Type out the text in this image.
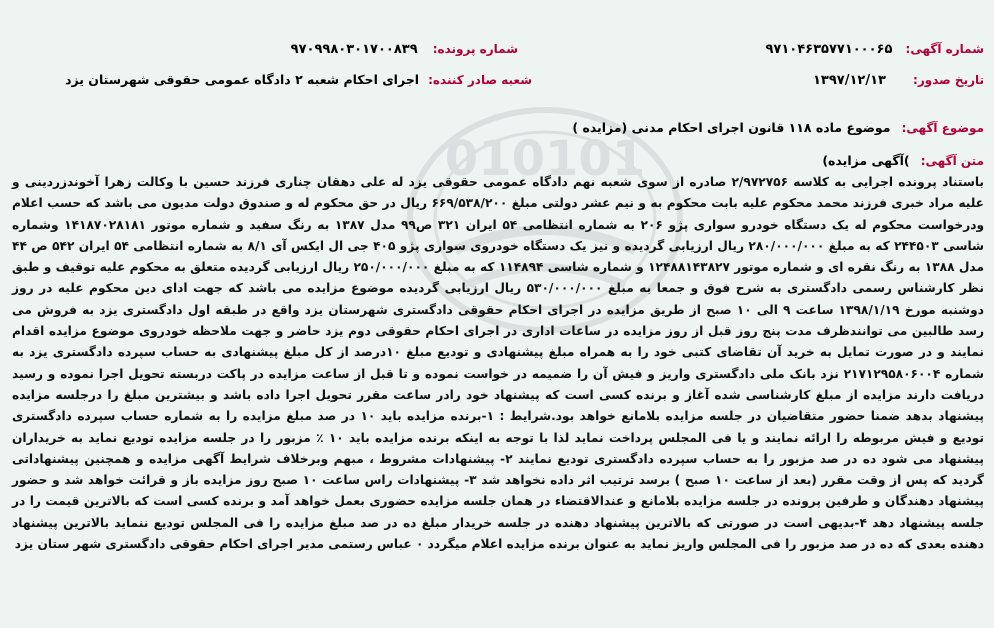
شماره آگهی: ۹۷۱۰۴۶۳۵۷۷۱۰۰۰۶۵
شماره پرونده: ۹۷۰۹۹۸۰۳۰۱۷۰۰۸۳۹
تاریخ صدور: ۱۳۹۷/۱۲/۱۳
شعبه صادر کننده: اجرای احکام شعبه ۲ دادگاه عمومی حقوقی شهرستان یزد
010101
موضوع آگهی: موضوع ماده ۱۱۸ قانون اجرای احکام مدنی (مزایده )
متن آگهی: )آگهی مزایده)
باستناد پرونده اجرایی به کلاسه ۲/۹۷۲۷۵۶ صادره از سوی شعبه نهم دادگاه عمومی حقوقی یزد له علی دهقان چناری فرزند حسین با وکالت زهرا آخوندزردینی و علیه مراد خبری فرزند محمد محکوم علیه بابت محکوم به و نیم عشر دولتی مبلغ ۶۶۹/۵۳۸/۲۰۰ ریال در حق محکوم له و صندوق دولت مدیون می باشد که حسب اعلام ودرخواست محکوم له یک دستگاه خودرو سواری پژو ۲۰۶ به شماره انتظامی ۵۴ ایران ۳۲۱ ص۹۹ مدل ۱۳۸۷ به رنگ سفید و شماره موتور ۱۴۱۸۷۰۲۸۱۸۱ وشماره شاسی ۲۴۴۵۰۳ که به مبلغ ۲۸۰/۰۰۰/۰۰۰ ریال ارزیابی گردیده و نیز یک دستگاه خودروی سواری پژو ۴۰۵ جی ال ایکس آی ۸/۱ به شماره انتظامی ۵۴ ایران ۵۴۲ ص ۴۴ مدل ۱۳۸۸ به رنگ نقره ای و شماره موتور ۱۲۴۸۸۱۴۳۸۲۷ و شماره شاسی ۱۱۴۸۹۴ که به مبلغ ۲۵۰/۰۰۰/۰۰۰ ریال ارزیابی گردیده متعلق به محکوم علیه توقیف و طبق نظر کارشناس رسمی دادگستری به شرح فوق و جمعا به مبلغ ۵۳۰/۰۰۰/۰۰۰ ریال ارزیابی گردیده موضوع مزایده می باشد که جهت ادای دین محکوم علیه در روز دوشنبه مورخ ۱۳۹۸/۱/۱۹ ساعت ۹ الی ۱۰ صبح از طریق مزایده در اجرای احکام حقوقی دادگستری شهرستان یزد واقع در طبقه اول دادگستری یزد به فروش می رسد طالبین می توانندظرف مدت پنج روز قبل از روز مزایده در ساعات اداری در اجرای احکام حقوقی دوم یزد حاضر و جهت ملاحظه خودروی موضوع مزایده اقدام نمایند و در صورت تمایل به خرید آن تقاضای کتبی خود را به همراه مبلغ پیشنهادی و تودیع مبلغ ۱۰درصد از کل مبلغ پیشنهادی به حساب سپرده دادگستری یزد به شماره ۲۱۷۱۲۹۵۸۰۶۰۰۴ نزد بانک ملی دادگستری واریز و فیش آن را ضمیمه در خواست نموده و تا قبل از ساعت مزایده در پاکت دربسته تحویل اجرا نموده و رسید دریافت دارند مزایده از مبلغ کارشناسی شده آغاز و برنده کسی است که پیشنهاد خود رادر ساعت مقرر تحویل اجرا داده باشد و بیشترین مبلغ را درجلسه مزایده پیشنهاد بدهد ضمنا حضور متقاضیان در جلسه مزایده بلامانع خواهد بود.شرایط : ۱-برنده مزایده باید ۱۰ در صد مبلغ مزایده را به شماره حساب سپرده دادگستری تودیع و فیش مربوطه را ارائه نمایند و یا فی المجلس پرداخت نماید لذا با توجه به اینکه برنده مزایده باید ۱۰ ٪ مزبور را در جلسه مزایده تودیع نماید به خریداران پیشنهاد می شود ده در صد مزبور را به حساب سپرده دادگستری تودیع نمایند ۲- پیشنهادات مشروط ، مبهم وبرخلاف شرایط آگهی مزایده و همچنین پیشنهاداتی گردید که پس از وقت مقرر (بعد از ساعت ۱۰ صبح ) برسد ترتیب اثر داده نخواهد شد ۳- پیشنهادات راس ساعت ۱۰ صبح روز مزایده باز و قرائت خواهد شد و حضور پیشنهاد دهندگان و طرفین پرونده در جلسه مزایده بلامانع و عندالاقتضاء در همان جلسه مزایده حضوری بعمل خواهد آمد و برنده کسی است که بالاترین قیمت را در جلسه پیشنهاد دهد ۴-بدیهی است در صورتی که بالاترین پیشنهاد دهنده در جلسه خریدار مبلغ ده در صد مبلغ مزایده را فی المجلس تودیع ننماید بالاترین پیشنهاد دهنده بعدی که ده در صد مزبور را فی المجلس واریز نماید به عنوان برنده مزایده اعلام میگردد ۰ عباس رستمی مدیر اجرای احکام حقوقی دادگستری شهر ستان یزد
